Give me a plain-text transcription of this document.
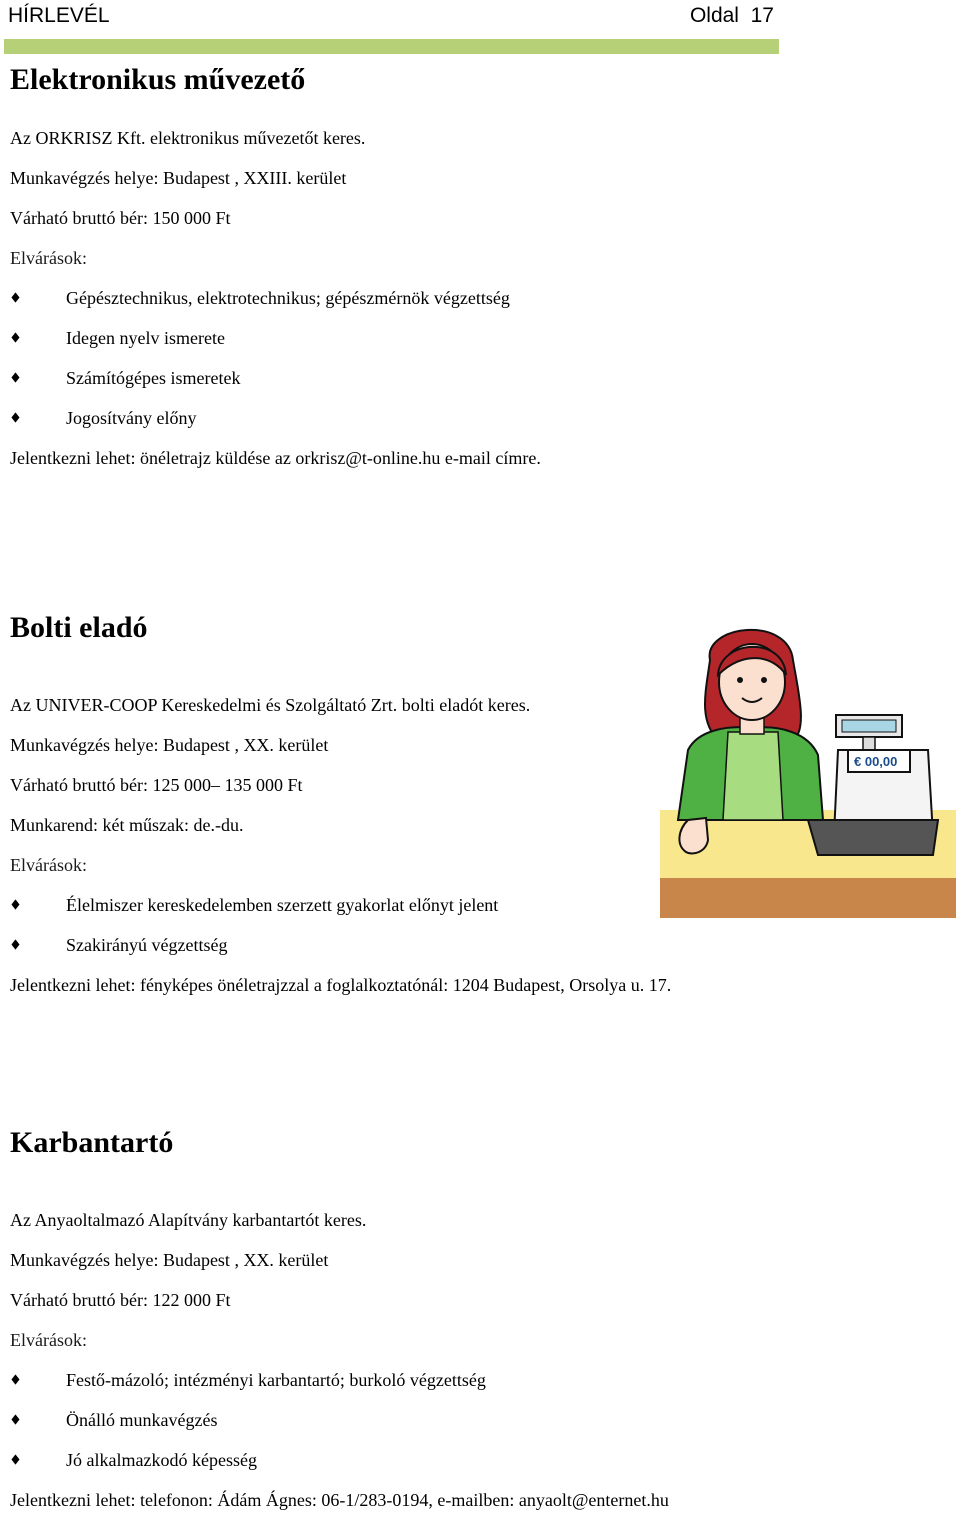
HÍRLEVÉL	Oldal  17
Elektronikus művezető
Az ORKRISZ Kft. elektronikus művezetőt keres.
Munkavégzés helye: Budapest , XXIII. kerület
Várható bruttó bér: 150 000 Ft
Elvárások:
◆
Gépésztechnikus, elektrotechnikus; gépészmérnök végzettség
◆
Idegen nyelv ismerete
◆
Számítógépes ismeretek
◆
Jogosítvány előny
Jelentkezni lehet: önéletrajz küldése az orkrisz@t-online.hu e-mail címre.
Bolti eladó
Az UNIVER-COOP Kereskedelmi és Szolgáltató Zrt. bolti eladót keres.
Munkavégzés helye: Budapest , XX. kerület
Várható bruttó bér: 125 000– 135 000 Ft
Munkarend: két műszak: de.-du.
Elvárások:
◆
Élelmiszer kereskedelemben szerzett gyakorlat előnyt jelent
◆
Szakirányú végzettség
Jelentkezni lehet: fényképes önéletrajzzal a foglalkoztatónál: 1204 Budapest, Orsolya u. 17.
€ 00,00
Karbantartó
Az Anyaoltalmazó Alapítvány karbantartót keres.
Munkavégzés helye: Budapest , XX. kerület
Várható bruttó bér: 122 000 Ft
Elvárások:
◆
Festő-mázoló; intézményi karbantartó; burkoló végzettség
◆
Önálló munkavégzés
◆
Jó alkalmazkodó képesség
Jelentkezni lehet: telefonon: Ádám Ágnes: 06-1/283-0194, e-mailben: anyaolt@enternet.hu
